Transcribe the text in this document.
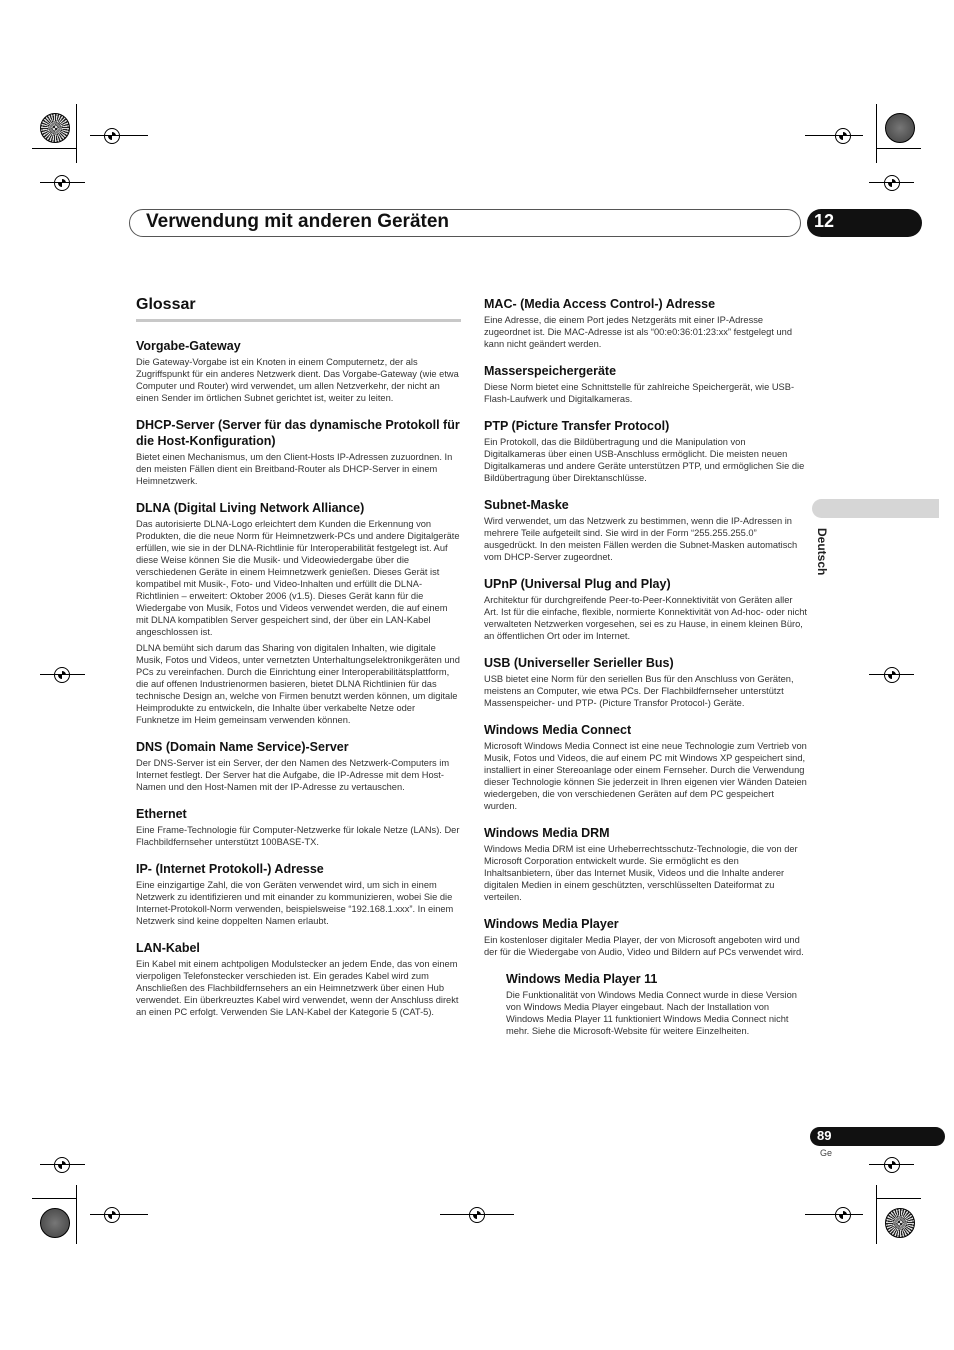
Verwendung mit anderen Geräten	12
Deutsch
Glossar
Vorgabe-Gateway

Die Gateway-Vorgabe ist ein Knoten in einem Computernetz, der als Zugriffspunkt für ein anderes Netzwerk dient. Das Vorgabe-Gateway (wie etwa Computer und Router) wird verwendet, um allen Netzverkehr, der nicht an einen Sender im örtlichen Subnet gerichtet ist, weiter zu leiten.

DHCP-Server (Server für das dynamische Protokoll für die Host-Konfiguration)

Bietet einen Mechanismus, um den Client-Hosts IP-Adressen zuzuordnen. In den meisten Fällen dient ein Breitband-Router als DHCP-Server in einem Heimnetzwerk.

DLNA (Digital Living Network Alliance)

Das autorisierte DLNA-Logo erleichtert dem Kunden die Erkennung von Produkten, die die neue Norm für Heimnetzwerk-PCs und andere Digitalgeräte erfüllen, wie sie in der DLNA-Richtlinie für Interoperabilität festgelegt ist. Auf diese Weise können Sie die Musik- und Videowiedergabe über die verschiedenen Geräte in einem Heimnetzwerk genießen. Dieses Gerät ist kompatibel mit Musik-, Foto- und Video-Inhalten und erfüllt die DLNA-Richtlinien – erweitert: Oktober 2006 (v1.5). Dieses Gerät kann für die Wiedergabe von Musik, Fotos und Videos verwendet werden, die auf einem mit DLNA kompatiblen Server gespeichert sind, der über ein LAN-Kabel angeschlossen ist.

DLNA bemüht sich darum das Sharing von digitalen Inhalten, wie digitale Musik, Fotos und Videos, unter vernetzten Unterhaltungselektronikgeräten und PCs zu vereinfachen. Durch die Einrichtung einer Interoperabilitätsplattform, die auf offenen Industrienormen basieren, bietet DLNA Richtlinien für das technische Design an, welche von Firmen benutzt werden können, um digitale Heimprodukte zu entwickeln, die Inhalte über verkabelte Netze oder Funknetze im Heim gemeinsam verwenden können.

DNS (Domain Name Service)-Server

Der DNS-Server ist ein Server, der den Namen des Netzwerk-Computers im Internet festlegt. Der Server hat die Aufgabe, die IP-Adresse mit dem Host-Namen und den Host-Namen mit der IP-Adresse zu vertauschen.

Ethernet

Eine Frame-Technologie für Computer-Netzwerke für lokale Netze (LANs). Der Flachbildfernseher unterstützt 100BASE-TX.

IP- (Internet Protokoll-) Adresse

Eine einzigartige Zahl, die von Geräten verwendet wird, um sich in einem Netzwerk zu identifizieren und mit einander zu kommunizieren, wobei Sie die Internet-Protokoll-Norm verwenden, beispielsweise “192.168.1.xxx”. In einem Netzwerk sind keine doppelten Namen erlaubt.

LAN-Kabel

Ein Kabel mit einem achtpoligen Modulstecker an jedem Ende, das von einem vierpoligen Telefonstecker verschieden ist. Ein gerades Kabel wird zum Anschließen des Flachbildfernsehers an ein Heimnetzwerk über einen Hub verwendet. Ein überkreuztes Kabel wird verwendet, wenn der Anschluss direkt an einen PC erfolgt. Verwenden Sie LAN-Kabel der Kategorie 5 (CAT-5).

MAC- (Media Access Control-) Adresse

Eine Adresse, die einem Port jedes Netzgeräts mit einer IP-Adresse zugeordnet ist. Die MAC-Adresse ist als “00:e0:36:01:23:xx” festgelegt und kann nicht geändert werden.

Masserspeichergeräte

Diese Norm bietet eine Schnittstelle für zahlreiche Speichergerät, wie USB-Flash-Laufwerk und Digitalkameras.

PTP (Picture Transfer Protocol)

Ein Protokoll, das die Bildübertragung und die Manipulation von Digitalkameras über einen USB-Anschluss ermöglicht. Die meisten neuen Digitalkameras und andere Geräte unterstützen PTP, und ermöglichen Sie die Bildübertragung über Direktanschlüsse.

Subnet-Maske

Wird verwendet, um das Netzwerk zu bestimmen, wenn die IP-Adressen in mehrere Teile aufgeteilt sind. Sie wird in der Form “255.255.255.0” ausgedrückt. In den meisten Fällen werden die Subnet-Masken automatisch vom DHCP-Server zugeordnet.

UPnP (Universal Plug and Play)

Architektur für durchgreifende Peer-to-Peer-Konnektivität von Geräten aller Art. Ist für die einfache, flexible, normierte Konnektivität von Ad-hoc- oder nicht verwalteten Netzwerken vorgesehen, sei es zu Hause, in einem kleinen Büro, an öffentlichen Ort oder im Internet.

USB (Universeller Serieller Bus)

USB bietet eine Norm für den seriellen Bus für den Anschluss von Geräten, meistens an Computer, wie etwa PCs. Der Flachbildfernseher unterstützt Massenspeicher- und PTP- (Picture Transfor Protocol-) Geräte.

Windows Media Connect

Microsoft Windows Media Connect ist eine neue Technologie zum Vertrieb von Musik, Fotos und Videos, die auf einem PC mit Windows XP gespeichert sind, installiert in einer Stereoanlage oder einem Fernseher. Durch die Verwendung dieser Technologie können Sie jederzeit in Ihren eigenen vier Wänden Dateien wiedergeben, die von verschiedenen Geräten auf dem PC gespeichert wurden.

Windows Media DRM

Windows Media DRM ist eine Urheberrechtsschutz-Technologie, die von der Microsoft Corporation entwickelt wurde. Sie ermöglicht es den Inhaltsanbietern, über das Internet Musik, Videos und die Inhalte anderer digitalen Medien in einem geschützten, verschlüsselten Dateiformat zu verteilen.

Windows Media Player

Ein kostenloser digitaler Media Player, der von Microsoft angeboten wird und der für die Wiedergabe von Audio, Video und Bildern auf PCs verwendet wird.

Windows Media Player 11

Die Funktionalität von Windows Media Connect wurde in diese Version von Windows Media Player eingebaut. Nach der Installation von Windows Media Player 11 funktioniert Windows Media Connect nicht mehr. Siehe die Microsoft-Website für weitere Einzelheiten.

89
Ge
